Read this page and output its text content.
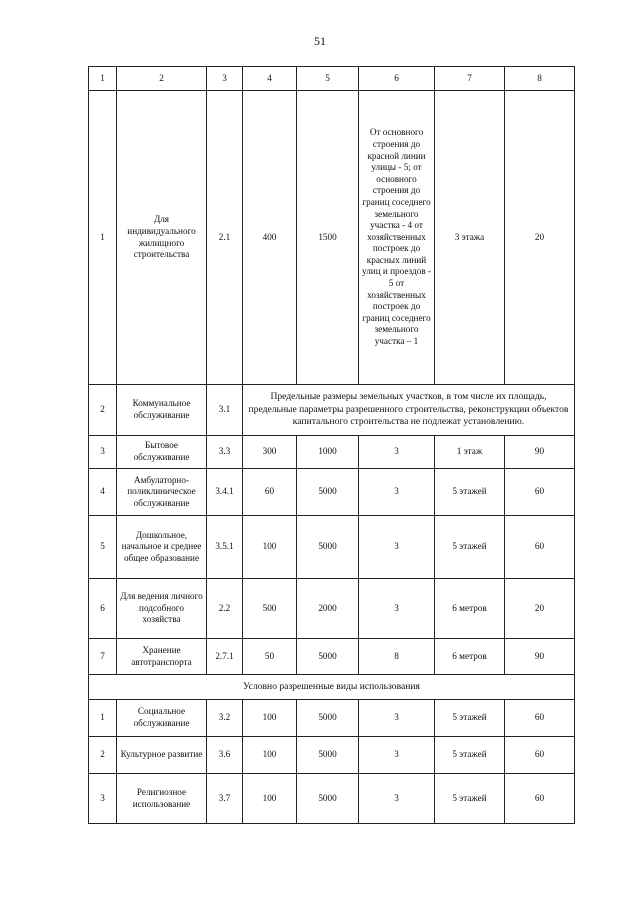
51
1	2	3	4	5	6	7	8
1	Для индивидуального жилищного строительства	2.1	400	1500	От основного строения до красной линии улицы - 5; от основного строения до границ соседнего земельного участка - 4 от хозяйственных построек до красных линий улиц и проездов - 5 от хозяйственных построек до границ соседнего земельного участка – 1	3 этажа	20
2	Коммунальное обслуживание	3.1	Предельные размеры земельных участков, в том числе их площадь, предельные параметры разрешенного строительства, реконструкции объектов капитального строительства не подлежат установлению.				
3	Бытовое обслуживание	3.3	300	1000	3	1 этаж	90
4	Амбулаторно-поликлиническое обслуживание	3.4.1	60	5000	3	5 этажей	60
5	Дошкольное, начальное и среднее общее образование	3.5.1	100	5000	3	5 этажей	60
6	Для ведения личного подсобного хозяйства	2.2	500	2000	3	6 метров	20
7	Хранение автотранспорта	2.7.1	50	5000	8	6 метров	90
Условно разрешенные виды использования							
1	Социальное обслуживание	3.2	100	5000	3	5 этажей	60
2	Культурное развитие	3.6	100	5000	3	5 этажей	60
3	Религиозное использование	3.7	100	5000	3	5 этажей	60
